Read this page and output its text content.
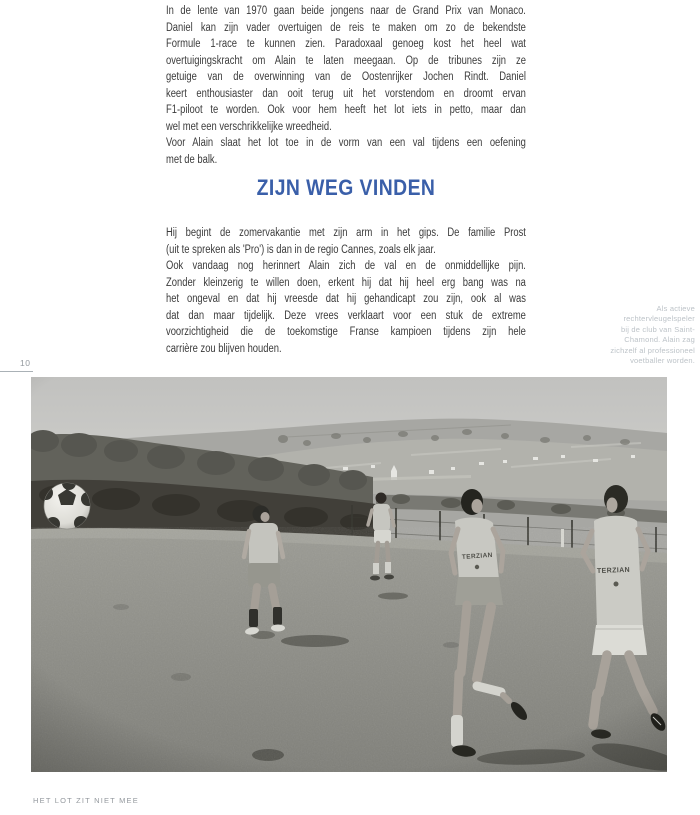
In de lente van 1970 gaan beide jongens naar de Grand Prix van Monaco.
Daniel kan zijn vader overtuigen de reis te maken om zo de bekendste
Formule 1-race te kunnen zien. Paradoxaal genoeg kost het heel wat
overtuigingskracht om Alain te laten meegaan. Op de tribunes zijn ze
getuige van de overwinning van de Oostenrijker Jochen Rindt. Daniel
keert enthousiaster dan ooit terug uit het vorstendom en droomt ervan
F1-piloot te worden. Ook voor hem heeft het lot iets in petto, maar dan
wel met een verschrikkelijke wreedheid.
Voor Alain slaat het lot toe in de vorm van een val tijdens een oefening
met de balk.
ZIJN WEG VINDEN
Hij begint de zomervakantie met zijn arm in het gips. De familie Prost
(uit te spreken als 'Pro') is dan in de regio Cannes, zoals elk jaar.
Ook vandaag nog herinnert Alain zich de val en de onmiddellijke pijn.
Zonder kleinzerig te willen doen, erkent hij dat hij heel erg bang was na
het ongeval en dat hij vreesde dat hij gehandicapt zou zijn, ook al was
dat dan maar tijdelijk. Deze vrees verklaart voor een stuk de extreme
voorzichtigheid die de toekomstige Franse kampioen tijdens zijn hele
carrière zou blijven houden.
Als actieve
rechtervleugelspeler
bij de club van Saint-
Chamond. Alain zag
zichzelf al professioneel
voetballer worden.
10
HET LOT ZIT NIET MEE
